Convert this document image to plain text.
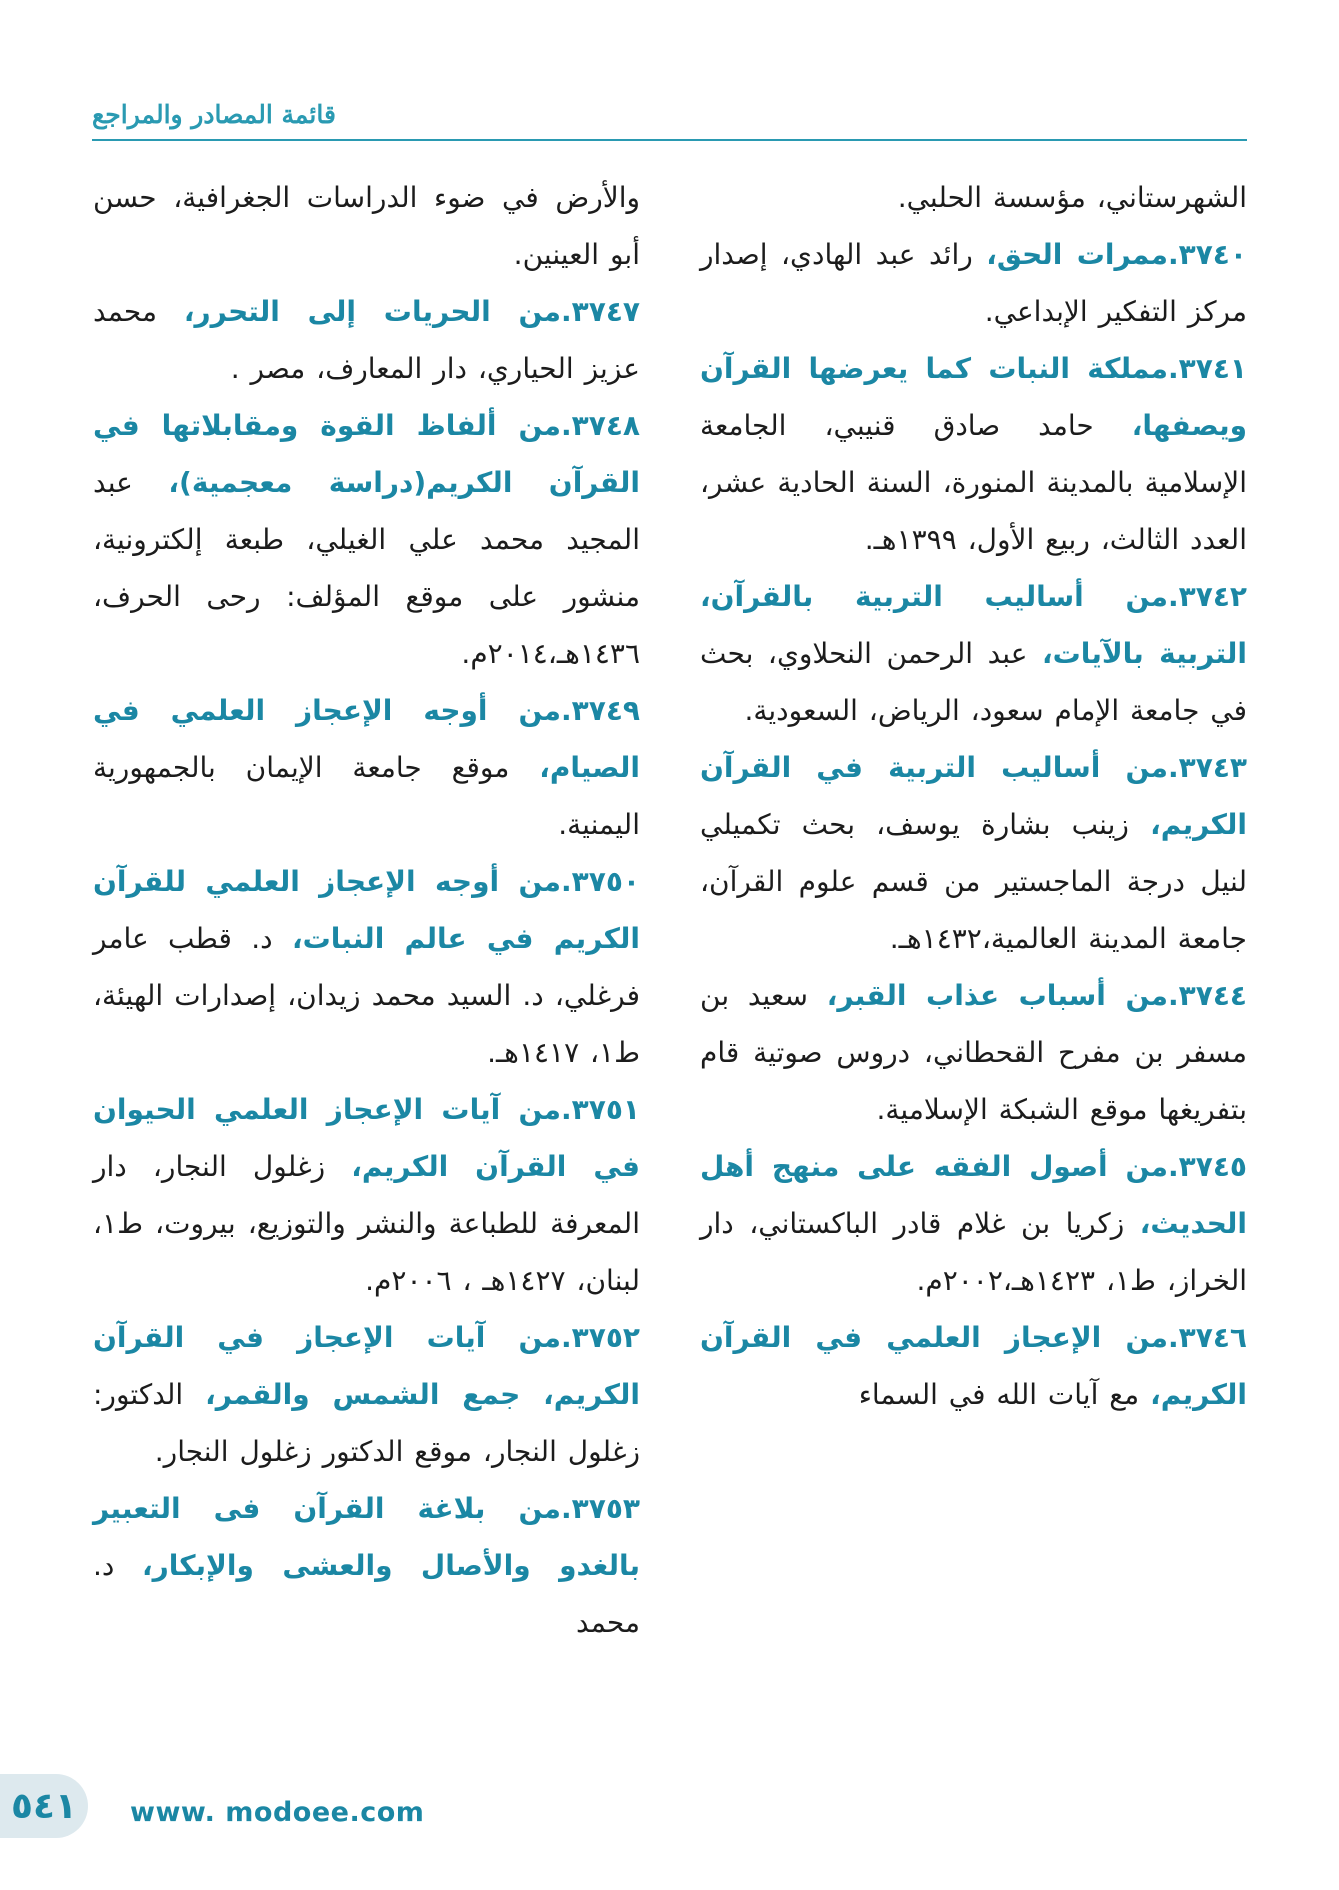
قائمة المصادر والمراجع

الشهرستاني، مؤسسة الحلبي.

٣٧٤٠.ممرات الحق، رائد عبد الهادي، إصدار مركز التفكير الإبداعي.

٣٧٤١.مملكة النبات كما يعرضها القرآن ويصفها، حامد صادق قنيبي، الجامعة الإسلامية بالمدينة المنورة، السنة الحادية عشر، العدد الثالث، ربيع الأول، ١٣٩٩هـ.

٣٧٤٢.من أساليب التربية بالقرآن، التربية بالآيات، عبد الرحمن النحلاوي، بحث في جامعة الإمام سعود، الرياض، السعودية.

٣٧٤٣.من أساليب التربية في القرآن الكريم، زينب بشارة يوسف، بحث تكميلي لنيل درجة الماجستير من قسم علوم القرآن، جامعة المدينة العالمية،١٤٣٢هـ.

٣٧٤٤.من أسباب عذاب القبر، سعيد بن مسفر بن مفرح القحطاني، دروس صوتية قام بتفريغها موقع الشبكة الإسلامية.

٣٧٤٥.من أصول الفقه على منهج أهل الحديث، زكريا بن غلام قادر الباكستاني، دار الخراز، ط١، ١٤٢٣هـ،٢٠٠٢م.

٣٧٤٦.من الإعجاز العلمي في القرآن الكريم، مع آيات الله في السماء

والأرض في ضوء الدراسات الجغرافية، حسن أبو العينين.

٣٧٤٧.من الحريات إلى التحرر، محمد عزيز الحياري، دار المعارف، مصر .

٣٧٤٨.من ألفاظ القوة ومقابلاتها في القرآن الكريم(دراسة معجمية)، عبد المجيد محمد علي الغيلي، طبعة إلكترونية، منشور على موقع المؤلف: رحى الحرف، ١٤٣٦هـ،٢٠١٤م.

٣٧٤٩.من أوجه الإعجاز العلمي في الصيام، موقع جامعة الإيمان بالجمهورية اليمنية.

٣٧٥٠.من أوجه الإعجاز العلمي للقرآن الكريم في عالم النبات، د. قطب عامر فرغلي، د. السيد محمد زيدان، إصدارات الهيئة، ط١، ١٤١٧هـ.

٣٧٥١.من آيات الإعجاز العلمي الحيوان في القرآن الكريم، زغلول النجار، دار المعرفة للطباعة والنشر والتوزيع، بيروت، ط١، لبنان، ١٤٢٧هـ ، ٢٠٠٦م.

٣٧٥٢.من آيات الإعجاز في القرآن الكريم، جمع الشمس والقمر، الدكتور: زغلول النجار، موقع الدكتور زغلول النجار.

٣٧٥٣.من بلاغة القرآن فى التعبير بالغدو والأصال والعشى والإبكار، د. محمد

٥٤١ www. modoee.com
